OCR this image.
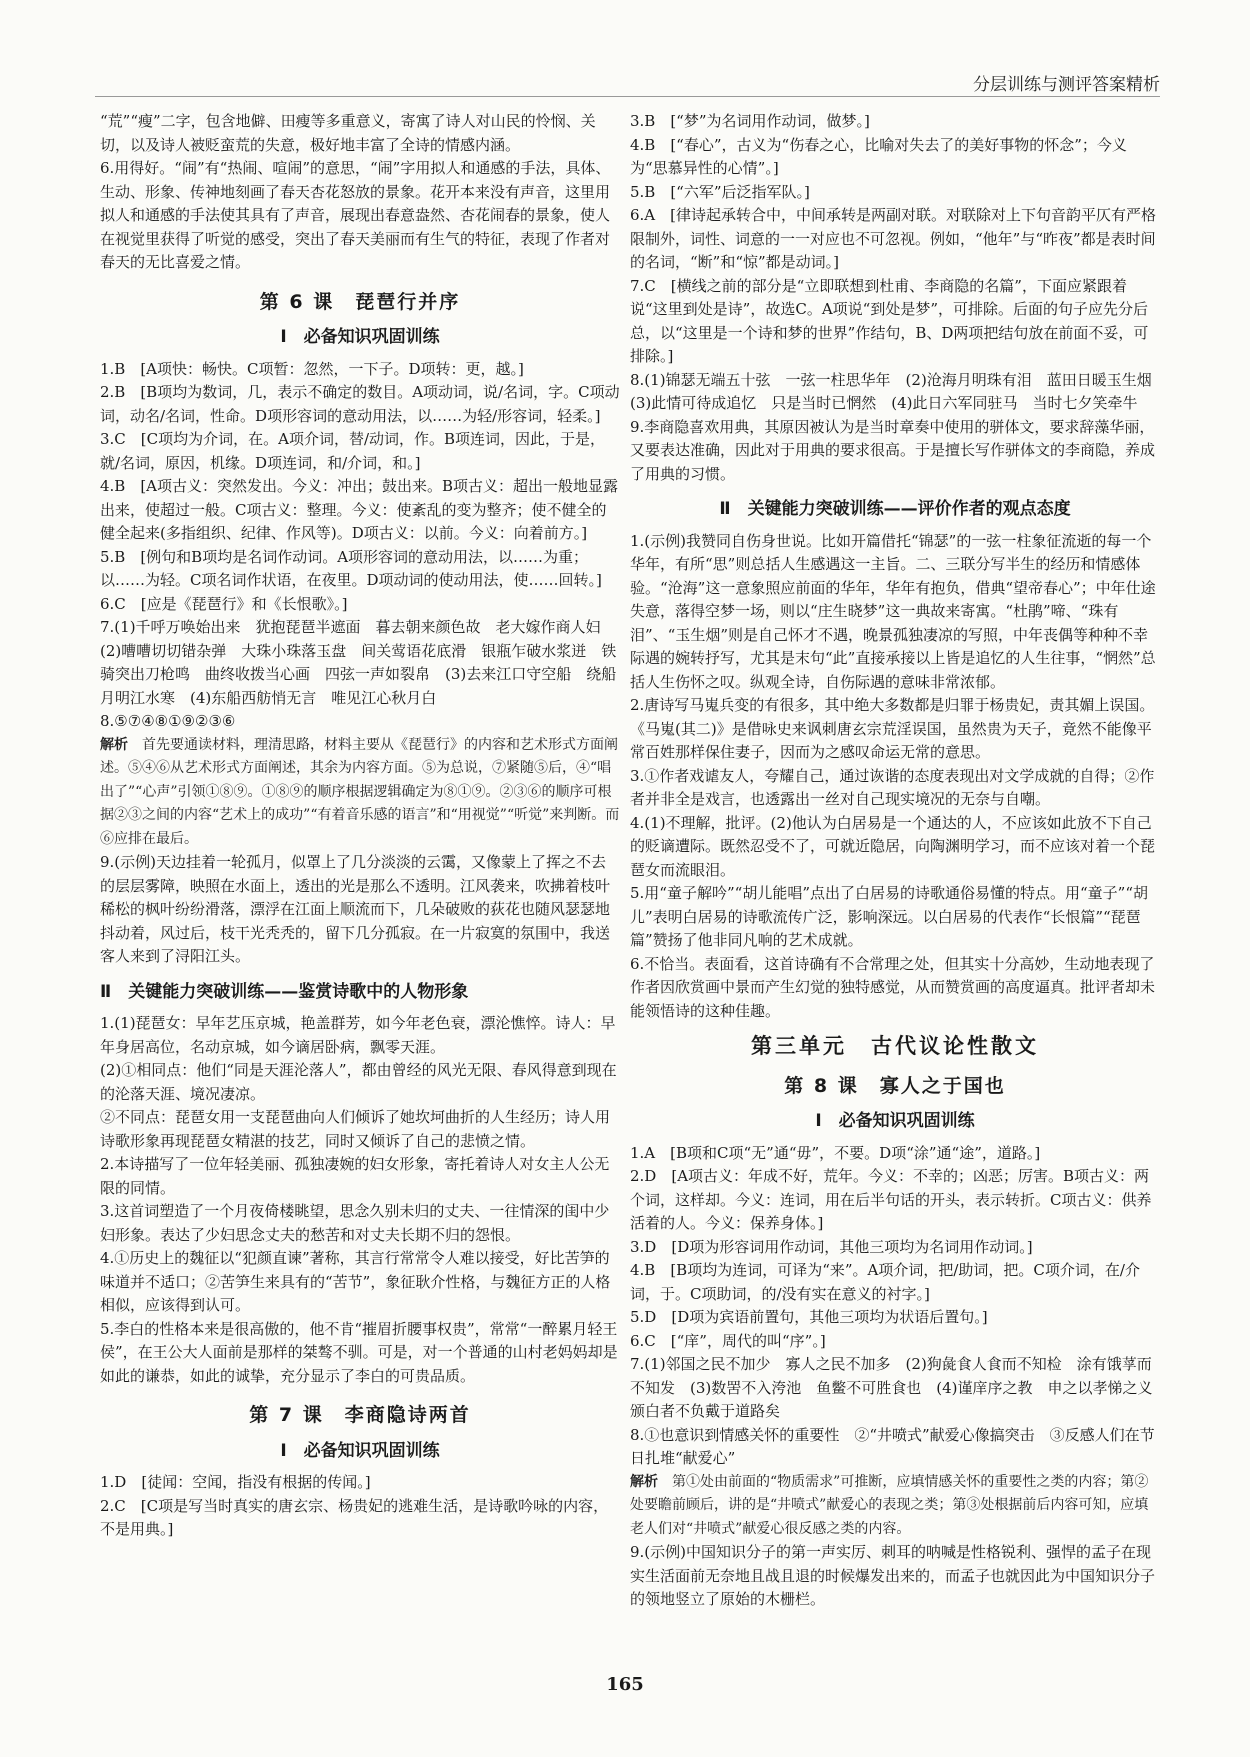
分层训练与测评答案精析

“荒”“瘦”二字，包含地僻、田瘦等多重意义，寄寓了诗人对山民的怜悯、关切，以及诗人被贬蛮荒的失意，极好地丰富了全诗的情感内涵。

6.用得好。“闹”有“热闹、喧闹”的意思，“闹”字用拟人和通感的手法，具体、生动、形象、传神地刻画了春天杏花怒放的景象。花开本来没有声音，这里用拟人和通感的手法使其具有了声音，展现出春意盎然、杏花闹春的景象，使人在视觉里获得了听觉的感受，突出了春天美丽而有生气的特征，表现了作者对春天的无比喜爱之情。

第 6 课　琵琶行并序
Ⅰ　必备知识巩固训练

1.B　[A项快：畅快。C项暂：忽然，一下子。D项转：更，越。]

2.B　[B项均为数词，几，表示不确定的数目。A项动词，说/名词，字。C项动词，动名/名词，性命。D项形容词的意动用法，以……为轻/形容词，轻柔。]

3.C　[C项均为介词，在。A项介词，替/动词，作。B项连词，因此，于是，就/名词，原因，机缘。D项连词，和/介词，和。]

4.B　[A项古义：突然发出。今义：冲出；鼓出来。B项古义：超出一般地显露出来，使超过一般。C项古义：整理。今义：使紊乱的变为整齐；使不健全的健全起来(多指组织、纪律、作风等)。D项古义：以前。今义：向着前方。]

5.B　[例句和B项均是名词作动词。A项形容词的意动用法，以……为重；以……为轻。C项名词作状语，在夜里。D项动词的使动用法，使……回转。]

6.C　[应是《琵琶行》和《长恨歌》。]

7.(1)千呼万唤始出来　犹抱琵琶半遮面　暮去朝来颜色故　老大嫁作商人妇　(2)嘈嘈切切错杂弹　大珠小珠落玉盘　间关莺语花底滑　银瓶乍破水浆迸　铁骑突出刀枪鸣　曲终收拨当心画　四弦一声如裂帛　(3)去来江口守空船　绕船月明江水寒　(4)东船西舫悄无言　唯见江心秋月白

8.⑤⑦④⑧①⑨②③⑥

解析　 首先要通读材料，理清思路，材料主要从《琵琶行》的内容和艺术形式方面阐述。⑤④⑥从艺术形式方面阐述，其余为内容方面。⑤为总说，⑦紧随⑤后，④“唱出了”“心声”引领①⑧⑨。①⑧⑨的顺序根据逻辑确定为⑧①⑨。②③⑥的顺序可根据②③之间的内容“艺术上的成功”“有着音乐感的语言”和“用视觉”“听觉”来判断。而⑥应排在最后。

9.(示例)天边挂着一轮孤月，似罩上了几分淡淡的云霭，又像蒙上了挥之不去的层层雾障，映照在水面上，透出的光是那么不透明。江风袭来，吹拂着枝叶稀松的枫叶纷纷滑落，漂浮在江面上顺流而下，几朵破败的荻花也随风瑟瑟地抖动着，风过后，枝干光秃秃的，留下几分孤寂。在一片寂寞的氛围中，我送客人来到了浔阳江头。

Ⅱ　关键能力突破训练——鉴赏诗歌中的人物形象

1.(1)琵琶女：早年艺压京城，艳盖群芳，如今年老色衰，漂沦憔悴。诗人：早年身居高位，名动京城，如今谪居卧病，飘零天涯。

(2)①相同点：他们“同是天涯沦落人”，都由曾经的风光无限、春风得意到现在的沦落天涯、境况凄凉。

②不同点：琵琶女用一支琵琶曲向人们倾诉了她坎坷曲折的人生经历；诗人用诗歌形象再现琵琶女精湛的技艺，同时又倾诉了自己的悲愤之情。

2.本诗描写了一位年轻美丽、孤独凄婉的妇女形象，寄托着诗人对女主人公无限的同情。

3.这首词塑造了一个月夜倚楼眺望，思念久别未归的丈夫、一往情深的闺中少妇形象。表达了少妇思念丈夫的愁苦和对丈夫长期不归的怨恨。

4.①历史上的魏征以“犯颜直谏”著称，其言行常常令人难以接受，好比苦笋的味道并不适口；②苦笋生来具有的“苦节”，象征耿介性格，与魏征方正的人格相似，应该得到认可。

5.李白的性格本来是很高傲的，他不肯“摧眉折腰事权贵”，常常“一醉累月轻王侯”，在王公大人面前是那样的桀骜不驯。可是，对一个普通的山村老妈妈却是如此的谦恭，如此的诚挚，充分显示了李白的可贵品质。

第 7 课　李商隐诗两首
Ⅰ　必备知识巩固训练

1.D　[徒闻：空闻，指没有根据的传闻。]

2.C　[C项是写当时真实的唐玄宗、杨贵妃的逃难生活，是诗歌吟咏的内容，不是用典。]

3.B　[“梦”为名词用作动词，做梦。]

4.B　[“春心”，古义为“伤春之心，比喻对失去了的美好事物的怀念”；今义为“思慕异性的心情”。]

5.B　[“六军”后泛指军队。]

6.A　[律诗起承转合中，中间承转是两副对联。对联除对上下句音韵平仄有严格限制外，词性、词意的一一对应也不可忽视。例如，“他年”与“昨夜”都是表时间的名词，“断”和“惊”都是动词。]

7.C　[横线之前的部分是“立即联想到杜甫、李商隐的名篇”，下面应紧跟着说“这里到处是诗”，故选C。A项说“到处是梦”，可排除。后面的句子应先分后总，以“这里是一个诗和梦的世界”作结句，B、D两项把结句放在前面不妥，可排除。]

8.(1)锦瑟无端五十弦　一弦一柱思华年　(2)沧海月明珠有泪　蓝田日暖玉生烟　(3)此情可待成追忆　只是当时已惘然　(4)此日六军同驻马　当时七夕笑牵牛

9.李商隐喜欢用典，其原因被认为是当时章奏中使用的骈体文，要求辞藻华丽，又要表达准确，因此对于用典的要求很高。于是擅长写作骈体文的李商隐，养成了用典的习惯。

Ⅱ　关键能力突破训练——评价作者的观点态度

1.(示例)我赞同自伤身世说。比如开篇借托“锦瑟”的一弦一柱象征流逝的每一个华年，有所“思”则总括人生感遇这一主旨。二、三联分写半生的经历和情感体验。“沧海”这一意象照应前面的华年，华年有抱负，借典“望帝春心”；中年仕途失意，落得空梦一场，则以“庄生晓梦”这一典故来寄寓。“杜鹃”啼、“珠有泪”、“玉生烟”则是自己怀才不遇，晚景孤独凄凉的写照，中年丧偶等种种不幸际遇的婉转抒写，尤其是末句“此”直接承接以上皆是追忆的人生往事，“惘然”总括人生伤怀之叹。纵观全诗，自伤际遇的意味非常浓郁。

2.唐诗写马嵬兵变的有很多，其中绝大多数都是归罪于杨贵妃，责其媚上误国。《马嵬(其二)》是借咏史来讽刺唐玄宗荒淫误国，虽然贵为天子，竟然不能像平常百姓那样保住妻子，因而为之感叹命运无常的意思。

3.①作者戏谑友人，夸耀自己，通过诙谐的态度表现出对文学成就的自得；②作者并非全是戏言，也透露出一丝对自己现实境况的无奈与自嘲。

4.(1)不理解，批评。(2)他认为白居易是一个通达的人，不应该如此放不下自己的贬谪遭际。既然忍受不了，可就近隐居，向陶渊明学习，而不应该对着一个琵琶女而流眼泪。

5.用“童子解吟”“胡儿能唱”点出了白居易的诗歌通俗易懂的特点。用“童子”“胡儿”表明白居易的诗歌流传广泛，影响深远。以白居易的代表作“长恨篇”“琵琶篇”赞扬了他非同凡响的艺术成就。

6.不恰当。表面看，这首诗确有不合常理之处，但其实十分高妙，生动地表现了作者因欣赏画中景而产生幻觉的独特感觉，从而赞赏画的高度逼真。批评者却未能领悟诗的这种佳趣。

第三单元　古代议论性散文
第 8 课　寡人之于国也
Ⅰ　必备知识巩固训练

1.A　[B项和C项“无”通“毋”，不要。D项“涂”通“途”，道路。]

2.D　[A项古义：年成不好，荒年。今义：不幸的；凶恶；厉害。B项古义：两个词，这样却。今义：连词，用在后半句话的开头，表示转折。C项古义：供养活着的人。今义：保养身体。]

3.D　[D项为形容词用作动词，其他三项均为名词用作动词。]

4.B　[B项均为连词，可译为“来”。A项介词，把/助词，把。C项介词，在/介词，于。C项助词，的/没有实在意义的衬字。]

5.D　[D项为宾语前置句，其他三项均为状语后置句。]

6.C　[“庠”，周代的叫“序”。]

7.(1)邻国之民不加少　寡人之民不加多　(2)狗彘食人食而不知检　涂有饿莩而不知发　(3)数罟不入洿池　鱼鳖不可胜食也　(4)谨庠序之教　申之以孝悌之义　颁白者不负戴于道路矣

8.①也意识到情感关怀的重要性　②“井喷式”献爱心像搞突击　③反感人们在节日扎堆“献爱心”

解析　 第①处由前面的“物质需求”可推断，应填情感关怀的重要性之类的内容；第②处要瞻前顾后，讲的是“井喷式”献爱心的表现之类；第③处根据前后内容可知，应填老人们对“井喷式”献爱心很反感之类的内容。

9.(示例)中国知识分子的第一声实厉、刺耳的呐喊是性格锐利、强悍的孟子在现实生活面前无奈地且战且退的时候爆发出来的，而孟子也就因此为中国知识分子的领地竖立了原始的木栅栏。

165
